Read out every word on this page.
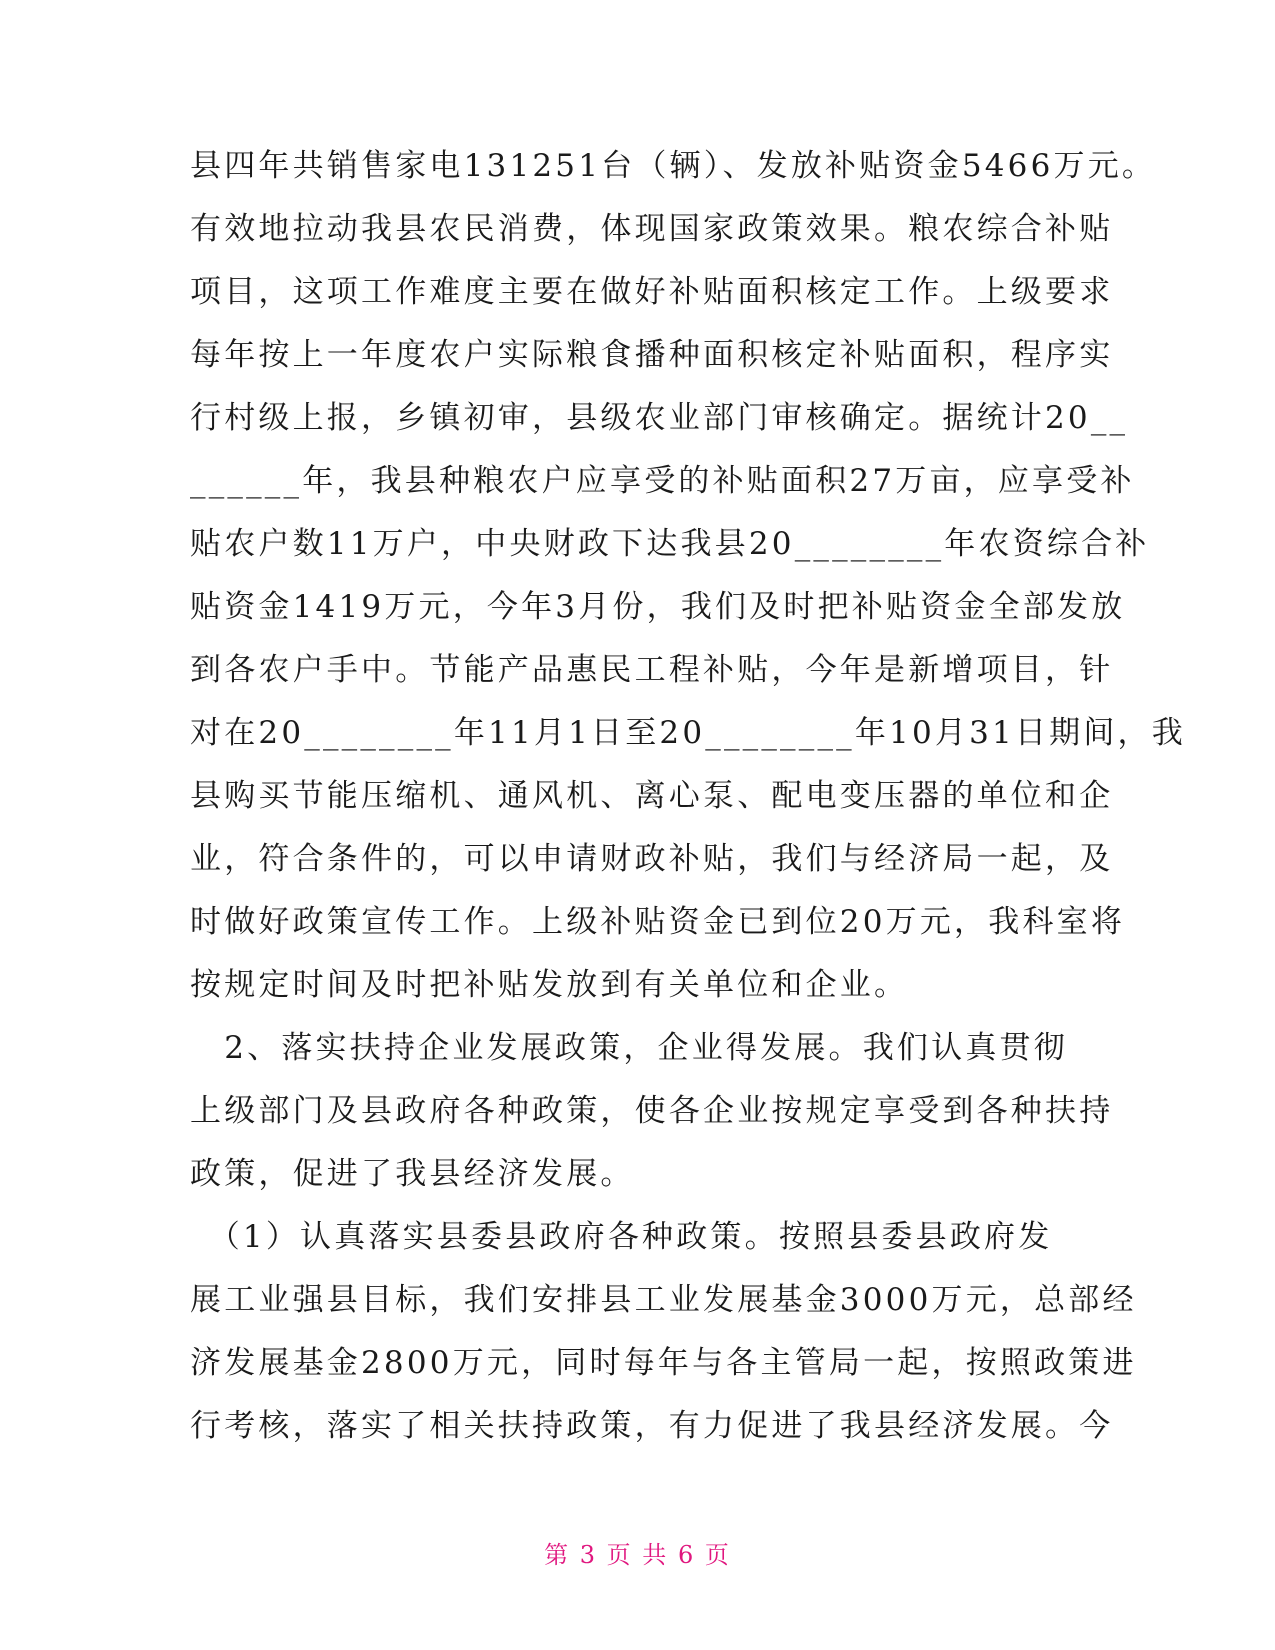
县四年共销售家电131251台（辆）、发放补贴资金5466万元。
有效地拉动我县农民消费，体现国家政策效果。粮农综合补贴
项目，这项工作难度主要在做好补贴面积核定工作。上级要求
每年按上一年度农户实际粮食播种面积核定补贴面积，程序实
行村级上报，乡镇初审，县级农业部门审核确定。据统计20__
______年，我县种粮农户应享受的补贴面积27万亩，应享受补
贴农户数11万户，中央财政下达我县20________年农资综合补
贴资金1419万元，今年3月份，我们及时把补贴资金全部发放
到各农户手中。节能产品惠民工程补贴，今年是新增项目，针
对在20________年11月1日至20________年10月31日期间，我
县购买节能压缩机、通风机、离心泵、配电变压器的单位和企
业，符合条件的，可以申请财政补贴，我们与经济局一起，及
时做好政策宣传工作。上级补贴资金已到位20万元，我科室将
按规定时间及时把补贴发放到有关单位和企业。
　2、落实扶持企业发展政策，企业得发展。我们认真贯彻
上级部门及县政府各种政策，使各企业按规定享受到各种扶持
政策，促进了我县经济发展。
　（1）认真落实县委县政府各种政策。按照县委县政府发
展工业强县目标，我们安排县工业发展基金3000万元，总部经
济发展基金2800万元，同时每年与各主管局一起，按照政策进
行考核，落实了相关扶持政策，有力促进了我县经济发展。今
第 3 页 共 6 页
